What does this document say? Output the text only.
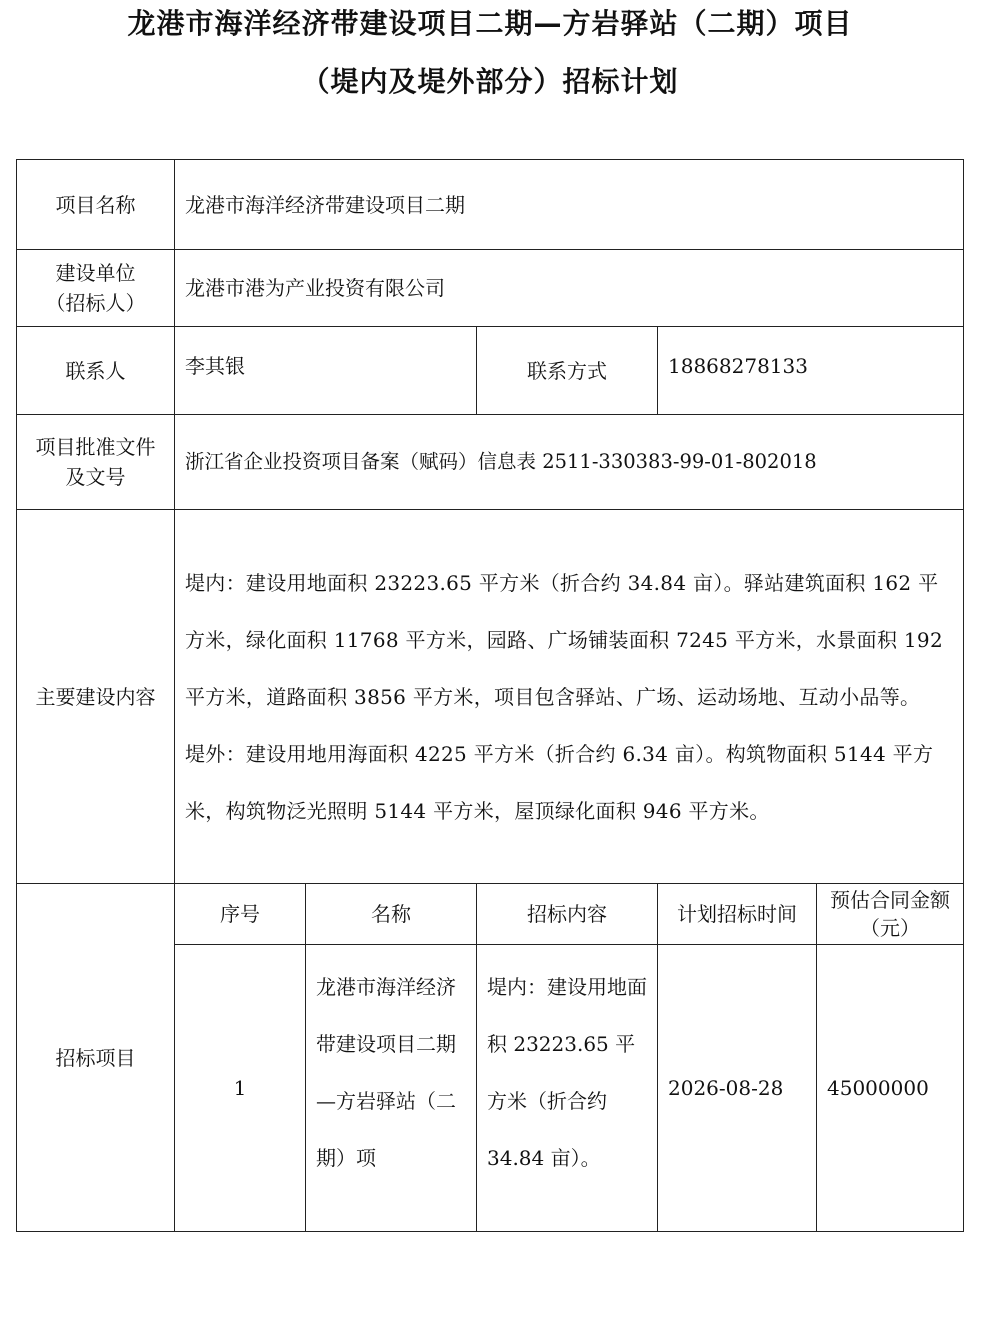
龙港市海洋经济带建设项目二期—方岩驿站（二期）项目
（堤内及堤外部分）招标计划
项目名称	龙港市海洋经济带建设项目二期				

建设单位
（招标人）	龙港市港为产业投资有限公司				
联系人	李其银		联系方式	18868278133	

项目批准文件
及文号	浙江省企业投资项目备案（赋码）信息表 2511-330383-99-01-802018				
主要建设内容	堤内：建设用地面积 23223.65 平方米（折合约 34.84 亩）。驿站建筑面积 162 平方米，绿化面积 11768 平方米，园路、广场铺装面积 7245 平方米，水景面积 192 平方米，道路面积 3856 平方米，项目包含驿站、广场、运动场地、互动小品等。

堤外：建设用地用海面积 4225 平方米（折合约 6.34 亩）。构筑物面积 5144 平方米，构筑物泛光照明 5144 平方米，屋顶绿化面积 946 平方米。				

招标项目	序号	名称	招标内容	计划招标时间	预估合同金额（元）
	1	龙港市海洋经济带建设项目二期—方岩驿站（二期）项	堤内：建设用地面积 23223.65 平方米（折合约 34.84 亩）。	2026-08-28	45000000
